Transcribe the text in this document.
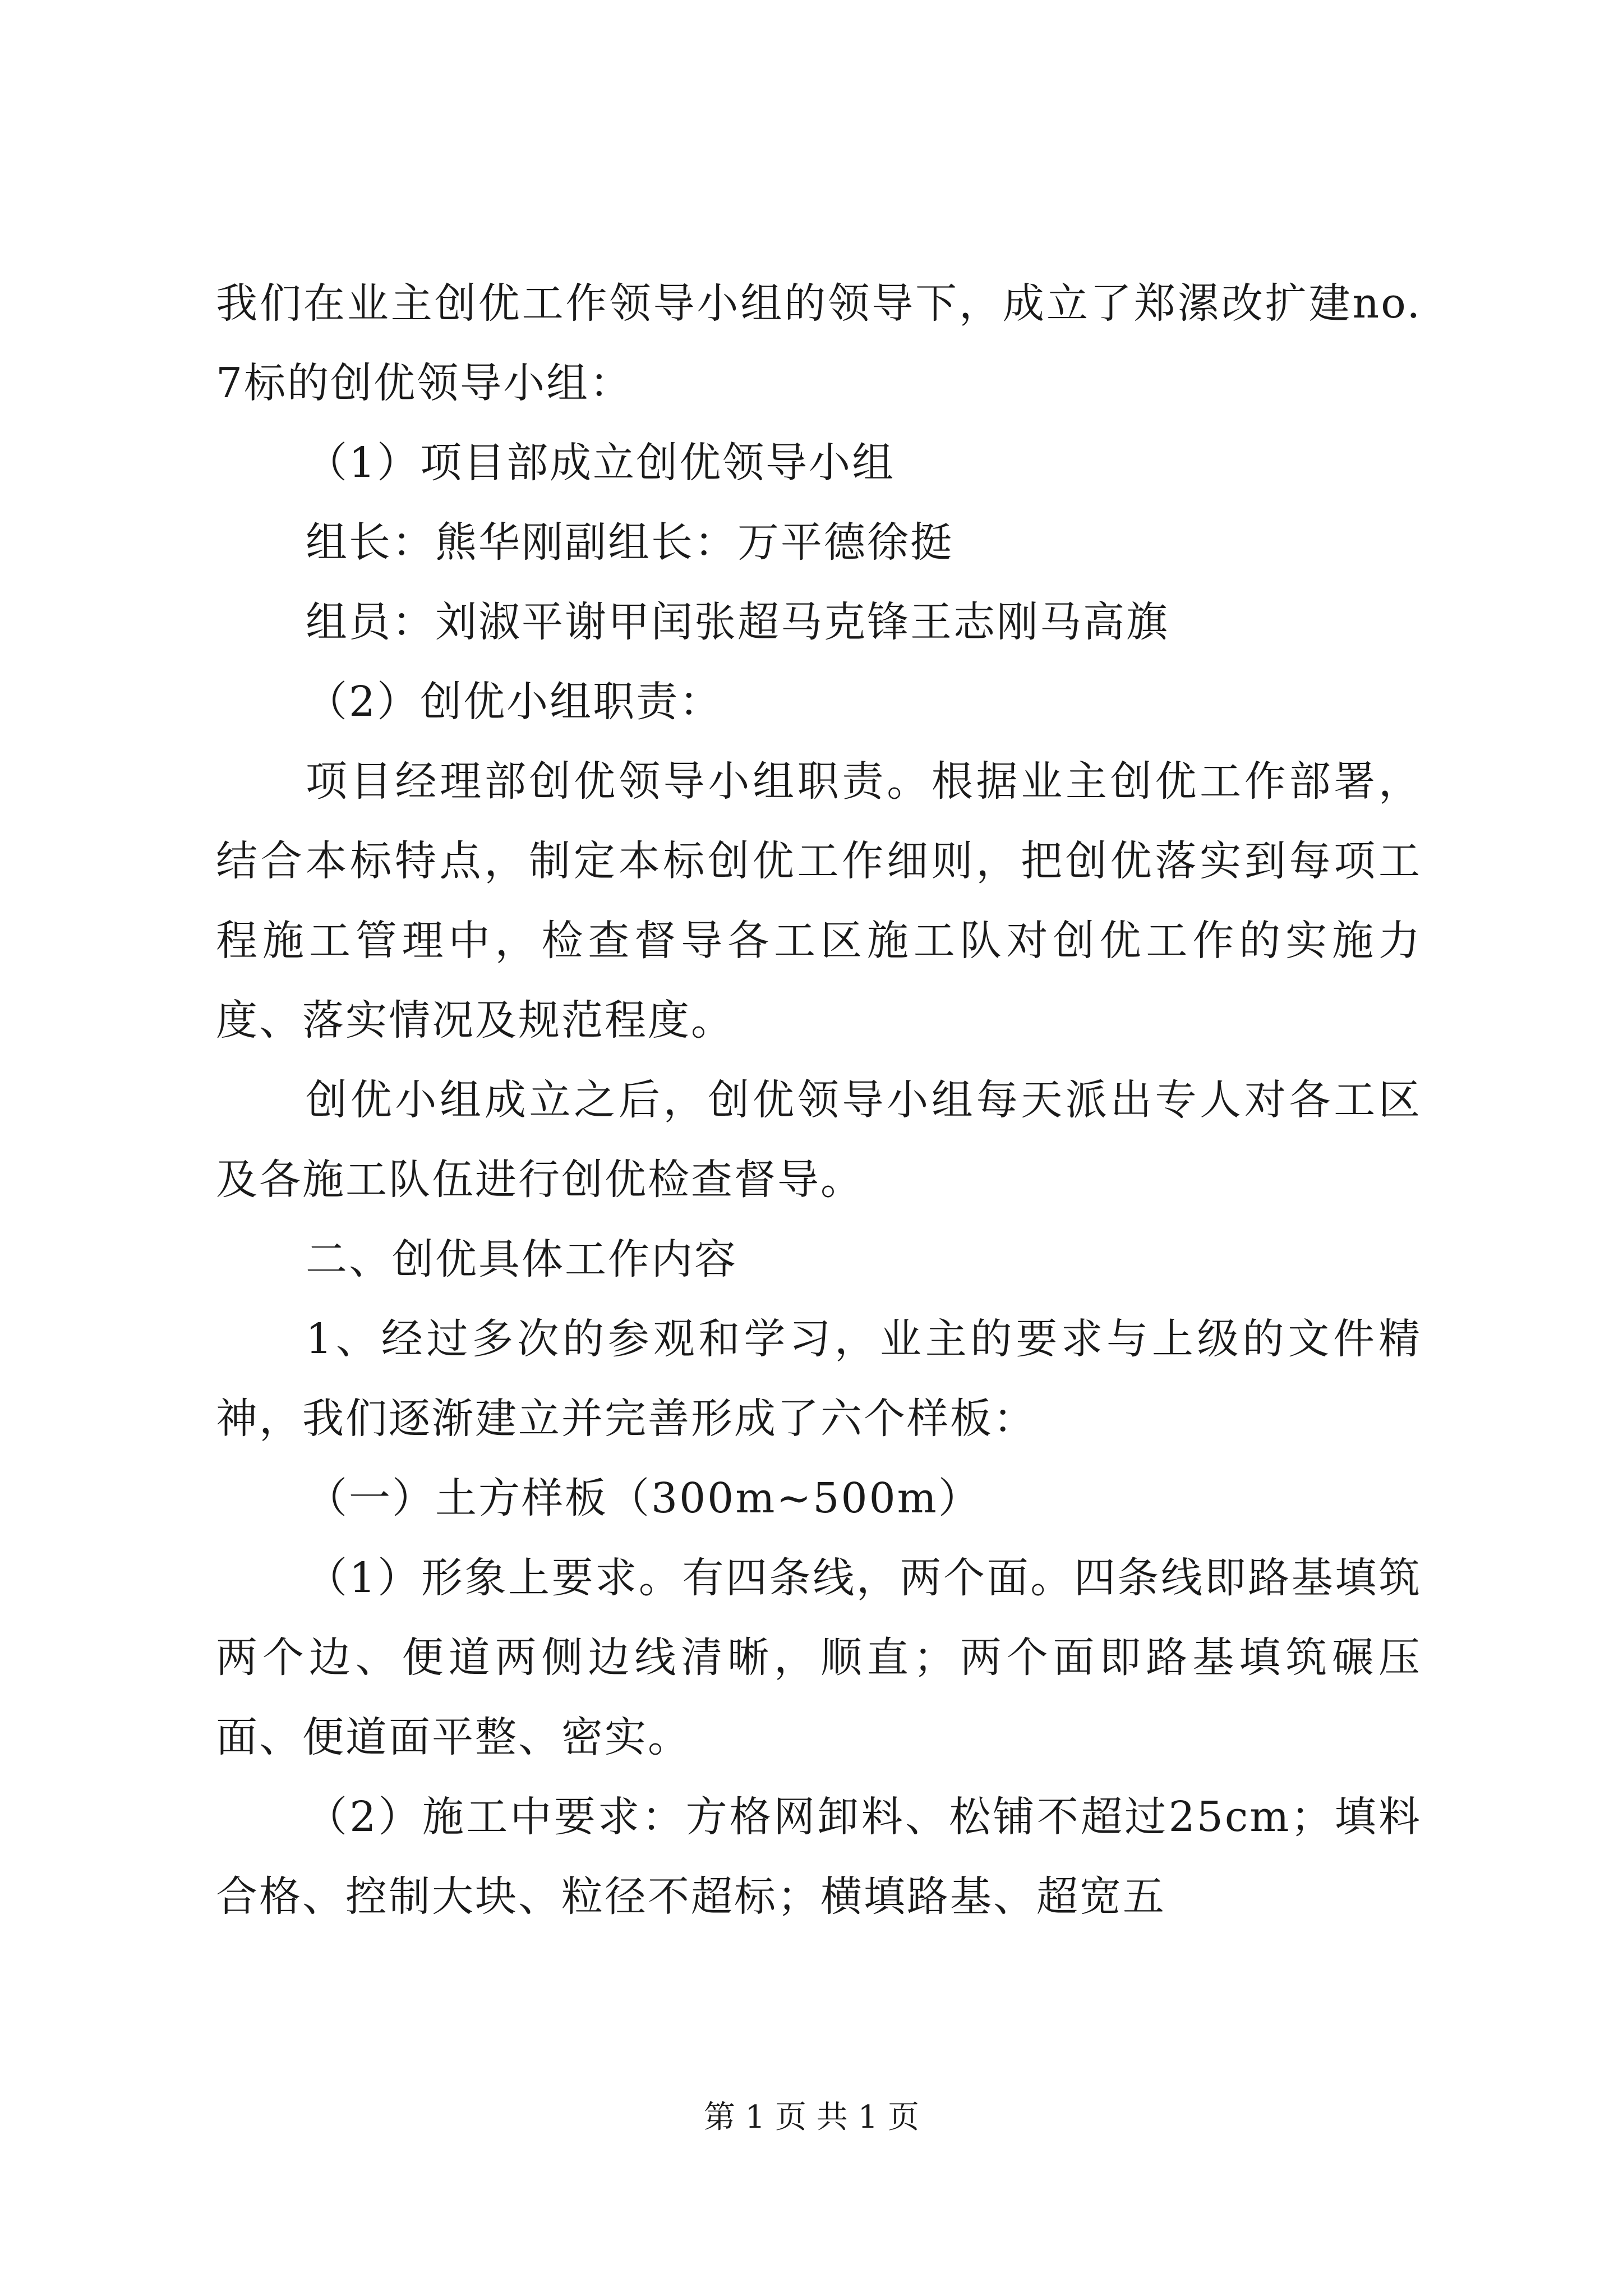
我们在业主创优工作领导小组的领导下，成立了郑漯改扩建no.7标的创优领导小组：

（1）项目部成立创优领导小组

组长：熊华刚副组长：万平德徐挺

组员：刘淑平谢甲闰张超马克锋王志刚马高旗

（2）创优小组职责：

项目经理部创优领导小组职责。根据业主创优工作部署，结合本标特点，制定本标创优工作细则，把创优落实到每项工程施工管理中，检查督导各工区施工队对创优工作的实施力度、落实情况及规范程度。

创优小组成立之后，创优领导小组每天派出专人对各工区及各施工队伍进行创优检查督导。

二、创优具体工作内容

1、经过多次的参观和学习，业主的要求与上级的文件精神，我们逐渐建立并完善形成了六个样板：

（一）土方样板（300m~500m）

（1）形象上要求。有四条线，两个面。四条线即路基填筑两个边、便道两侧边线清晰，顺直；两个面即路基填筑碾压面、便道面平整、密实。

（2）施工中要求：方格网卸料、松铺不超过25cm；填料合格、控制大块、粒径不超标；横填路基、超宽五

第 1 页 共 1 页
